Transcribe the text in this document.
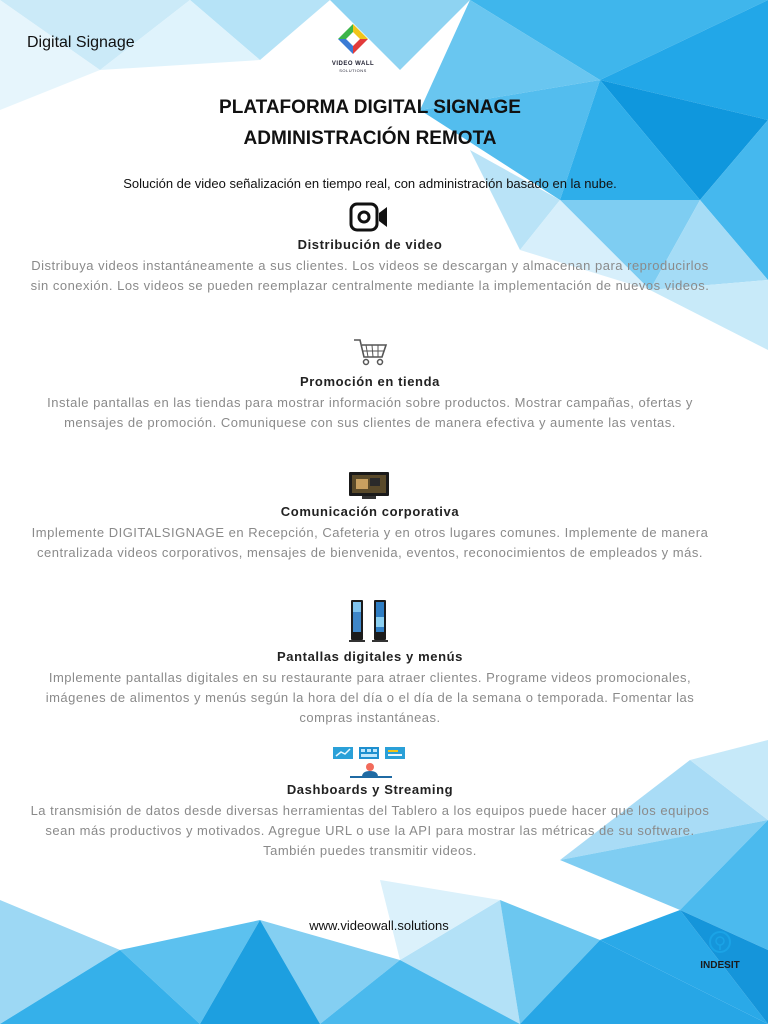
Digital Signage
VIDEO WALL
SOLUTIONS
PLATAFORMA DIGITAL SIGNAGE
ADMINISTRACIÓN REMOTA
Solución de video señalización en tiempo real, con administración basado en la nube.
Distribución de video
Distribuya videos instantáneamente a sus clientes. Los videos se descargan y almacenan para reproducirlos sin conexión. Los videos se pueden reemplazar centralmente mediante la implementación de nuevos videos.
Promoción en tienda
Instale pantallas en las tiendas para mostrar información sobre productos. Mostrar campañas, ofertas y mensajes de promoción. Comuniquese con sus clientes de manera efectiva y aumente las ventas.
Comunicación corporativa
Implemente DIGITALSIGNAGE en Recepción, Cafeteria y en otros lugares comunes. Implemente de manera centralizada videos corporativos, mensajes de bienvenida, eventos, reconocimientos de empleados y más.
Pantallas digitales y menús
Implemente pantallas digitales en su restaurante para atraer clientes. Programe videos promocionales, imágenes de alimentos y menús según la hora del día o el día de la semana o temporada. Fomentar las compras instantáneas.
Dashboards y Streaming
La transmisión de datos desde diversas herramientas del Tablero a los equipos puede hacer que los equipos sean más productivos y motivados. Agregue URL o use la API para mostrar las métricas de su software. También puedes transmitir videos.
www.videowall.solutions
INDESIT
